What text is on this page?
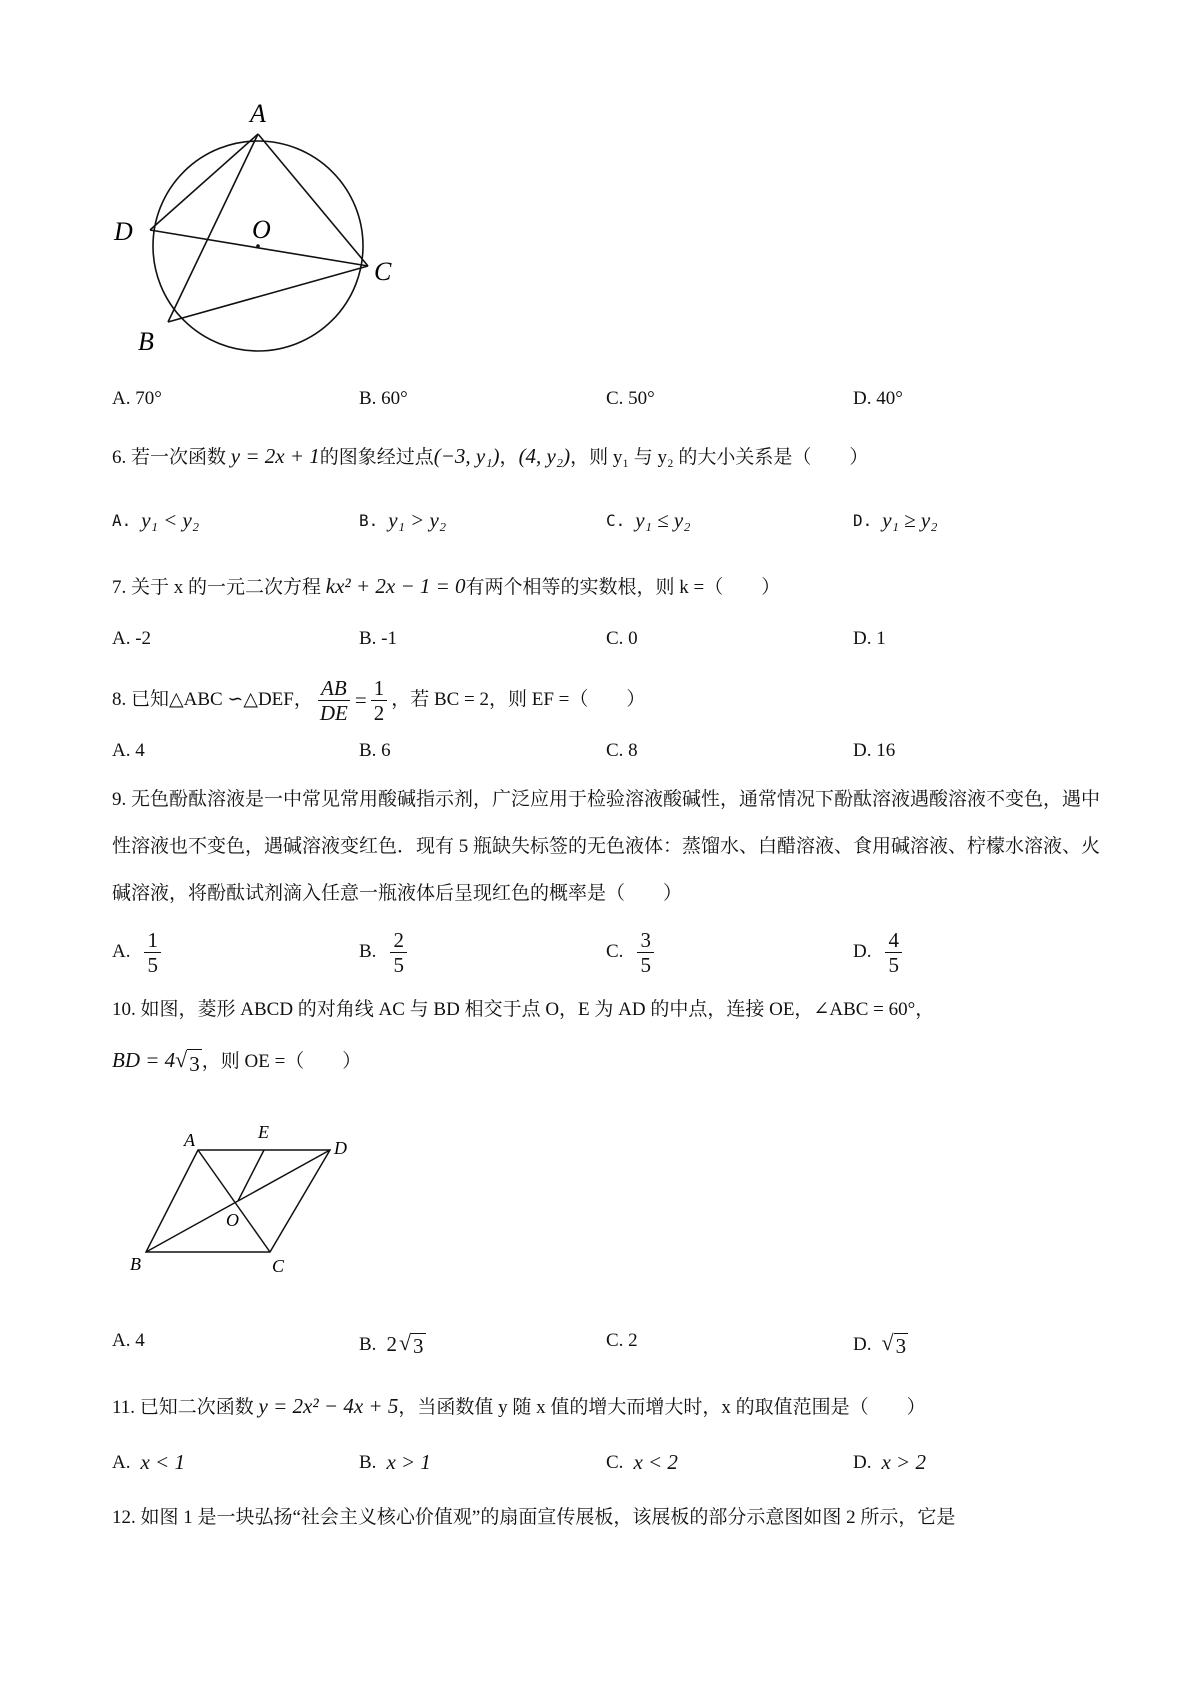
A
D	O
C
B
A. 70°	B. 60°	C. 50°	D. 40°
6. 若一次函数 y = 2x + 1的图象经过点(−3, y₁)，(4, y₂)，则 y₁ 与 y₂ 的大小关系是（　　）
A. y₁ < y₂	B. y₁ > y₂	C. y₁ ≤ y₂	D. y₁ ≥ y₂
7. 关于 x 的一元二次方程 kx² + 2x − 1 = 0有两个相等的实数根，则 k =（　　）
A. -2	B. -1	C. 0	D. 1
8. 已知△ABC ∽△DEF， $\frac{AB}{DE} = \frac{1}{2}$ ，若 BC = 2，则 EF =（　　）
A. 4	B. 6	C. 8	D. 16
9. 无色酚酞溶液是一中常见常用酸碱指示剂，广泛应用于检验溶液酸碱性，通常情况下酚酞溶液遇酸溶液不变色，遇中性溶液也不变色，遇碱溶液变红色．现有 5 瓶缺失标签的无色液体：蒸馏水、白醋溶液、食用碱溶液、柠檬水溶液、火碱溶液，将酚酞试剂滴入任意一瓶液体后呈现红色的概率是（　　）
A. $\frac{1}{5}$	B. $\frac{2}{5}$	C. $\frac{3}{5}$	D. $\frac{4}{5}$
10. 如图，菱形 ABCD 的对角线 AC 与 BD 相交于点 O，E 为 AD 的中点，连接 OE，∠ABC = 60°，
BD = 4 √ 3 ，则 OE =（　　）
A	E
D
O
B	C
A. 4	B. 2 √ 3	C. 2	D. √ 3
11. 已知二次函数 y = 2x² − 4x + 5，当函数值 y 随 x 值的增大而增大时，x 的取值范围是（　　）
A. x < 1	B. x > 1	C. x < 2	D. x > 2
12. 如图 1 是一块弘扬“社会主义核心价值观”的扇面宣传展板，该展板的部分示意图如图 2 所示，它是
